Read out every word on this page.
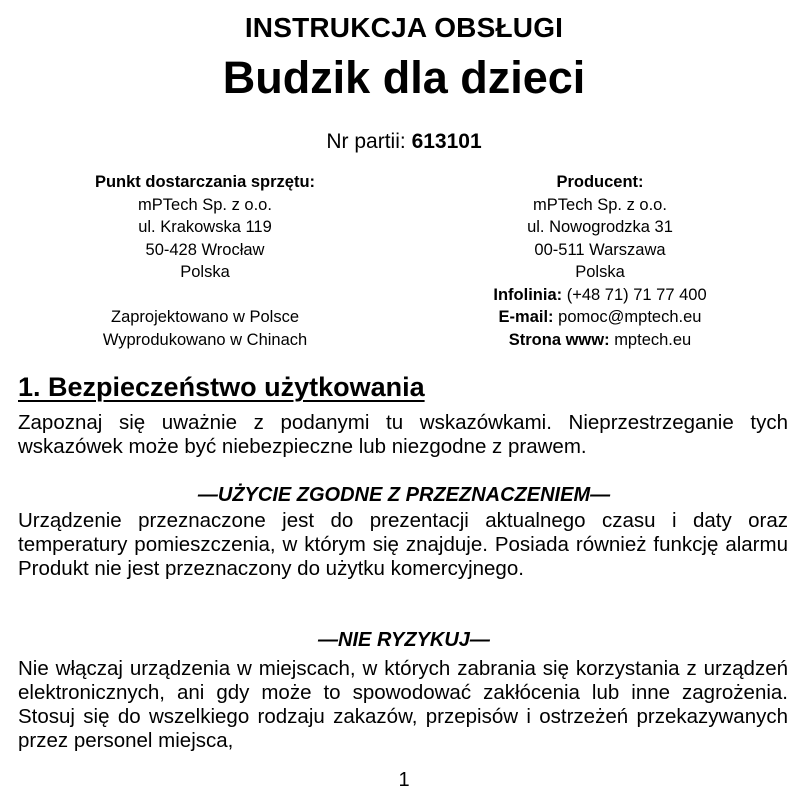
INSTRUKCJA OBSŁUGI
Budzik dla dzieci
Nr partii: 613101
Punkt dostarczania sprzętu:
mPTech Sp. z o.o.
ul. Krakowska 119
50-428 Wrocław
Polska
Zaprojektowano w Polsce
Wyprodukowano w Chinach
Producent:
mPTech Sp. z o.o.
ul. Nowogrodzka 31
00-511 Warszawa
Polska
Infolinia: (+48 71) 71 77 400
E-mail: pomoc@mptech.eu
Strona www: mptech.eu
1. Bezpieczeństwo użytkowania
Zapoznaj się uważnie z podanymi tu wskazówkami. Nieprzestrzeganie tych wskazówek może być niebezpieczne lub niezgodne z prawem.
—UŻYCIE ZGODNE Z PRZEZNACZENIEM—
Urządzenie przeznaczone jest do prezentacji aktualnego czasu i daty oraz temperatury pomieszczenia, w którym się znajduje. Posiada również funkcję alarmu Produkt nie jest przeznaczony do użytku komercyjnego.
—NIE RYZYKUJ—
Nie włączaj urządzenia w miejscach, w których zabrania się korzystania z urządzeń elektronicznych, ani gdy może to spowodować zakłócenia lub inne zagrożenia. Stosuj się do wszelkiego rodzaju zakazów, przepisów i ostrzeżeń przekazywanych przez personel miejsca,
1
